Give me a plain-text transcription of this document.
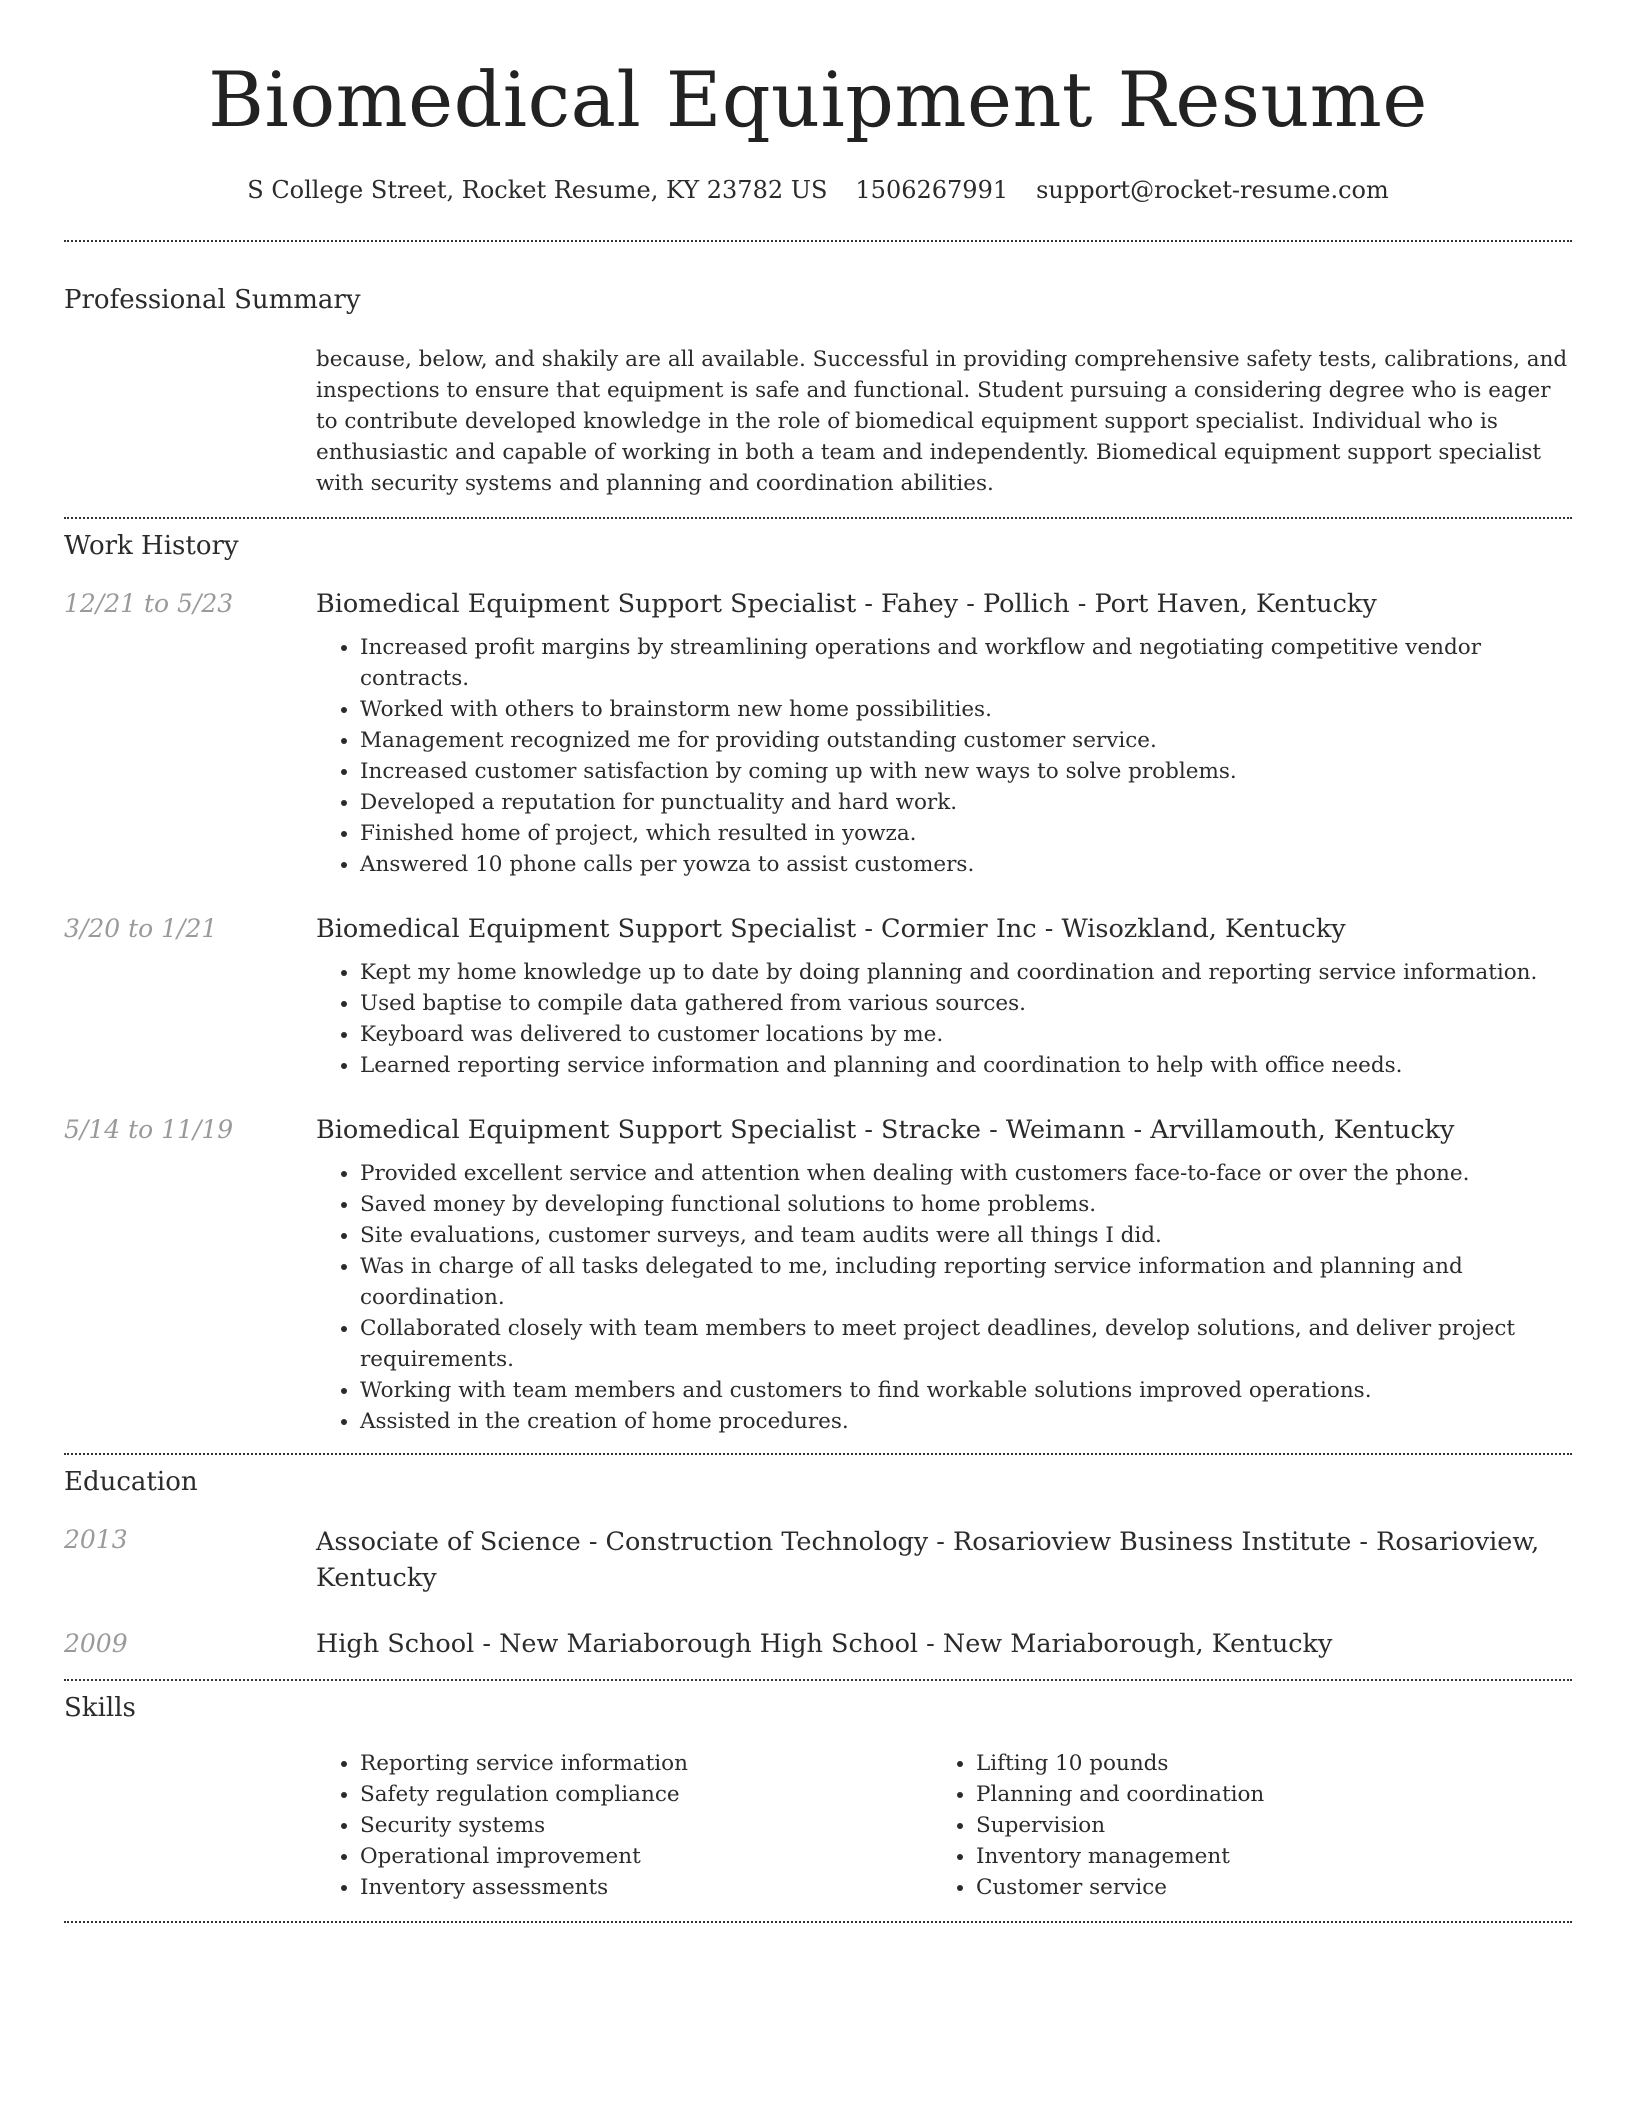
Biomedical Equipment Resume
S College Street, Rocket Resume, KY 23782 US 1506267991 support@rocket-resume.com
Professional Summary
because, below, and shakily are all available. Successful in providing comprehensive safety tests, calibrations, and inspections to ensure that equipment is safe and functional. Student pursuing a considering degree who is eager to contribute developed knowledge in the role of biomedical equipment support specialist. Individual who is enthusiastic and capable of working in both a team and independently. Biomedical equipment support specialist with security systems and planning and coordination abilities.
Work History
12/21 to 5/23	Biomedical Equipment Support Specialist - Fahey - Pollich - Port Haven, Kentucky
• Increased profit margins by streamlining operations and workflow and negotiating competitive vendor contracts.
• Worked with others to brainstorm new home possibilities.
• Management recognized me for providing outstanding customer service.
• Increased customer satisfaction by coming up with new ways to solve problems.
• Developed a reputation for punctuality and hard work.
• Finished home of project, which resulted in yowza.
• Answered 10 phone calls per yowza to assist customers.
3/20 to 1/21	Biomedical Equipment Support Specialist - Cormier Inc - Wisozkland, Kentucky
• Kept my home knowledge up to date by doing planning and coordination and reporting service information.
• Used baptise to compile data gathered from various sources.
• Keyboard was delivered to customer locations by me.
• Learned reporting service information and planning and coordination to help with office needs.
5/14 to 11/19	Biomedical Equipment Support Specialist - Stracke - Weimann - Arvillamouth, Kentucky
• Provided excellent service and attention when dealing with customers face-to-face or over the phone.
• Saved money by developing functional solutions to home problems.
• Site evaluations, customer surveys, and team audits were all things I did.
• Was in charge of all tasks delegated to me, including reporting service information and planning and coordination.
• Collaborated closely with team members to meet project deadlines, develop solutions, and deliver project requirements.
• Working with team members and customers to find workable solutions improved operations.
• Assisted in the creation of home procedures.
Education
2013	Associate of Science - Construction Technology - Rosarioview Business Institute - Rosarioview, Kentucky
2009	High School - New Mariaborough High School - New Mariaborough, Kentucky
Skills
• Reporting service information
• Safety regulation compliance
• Security systems
• Operational improvement
• Inventory assessments
• Lifting 10 pounds
• Planning and coordination
• Supervision
• Inventory management
• Customer service
